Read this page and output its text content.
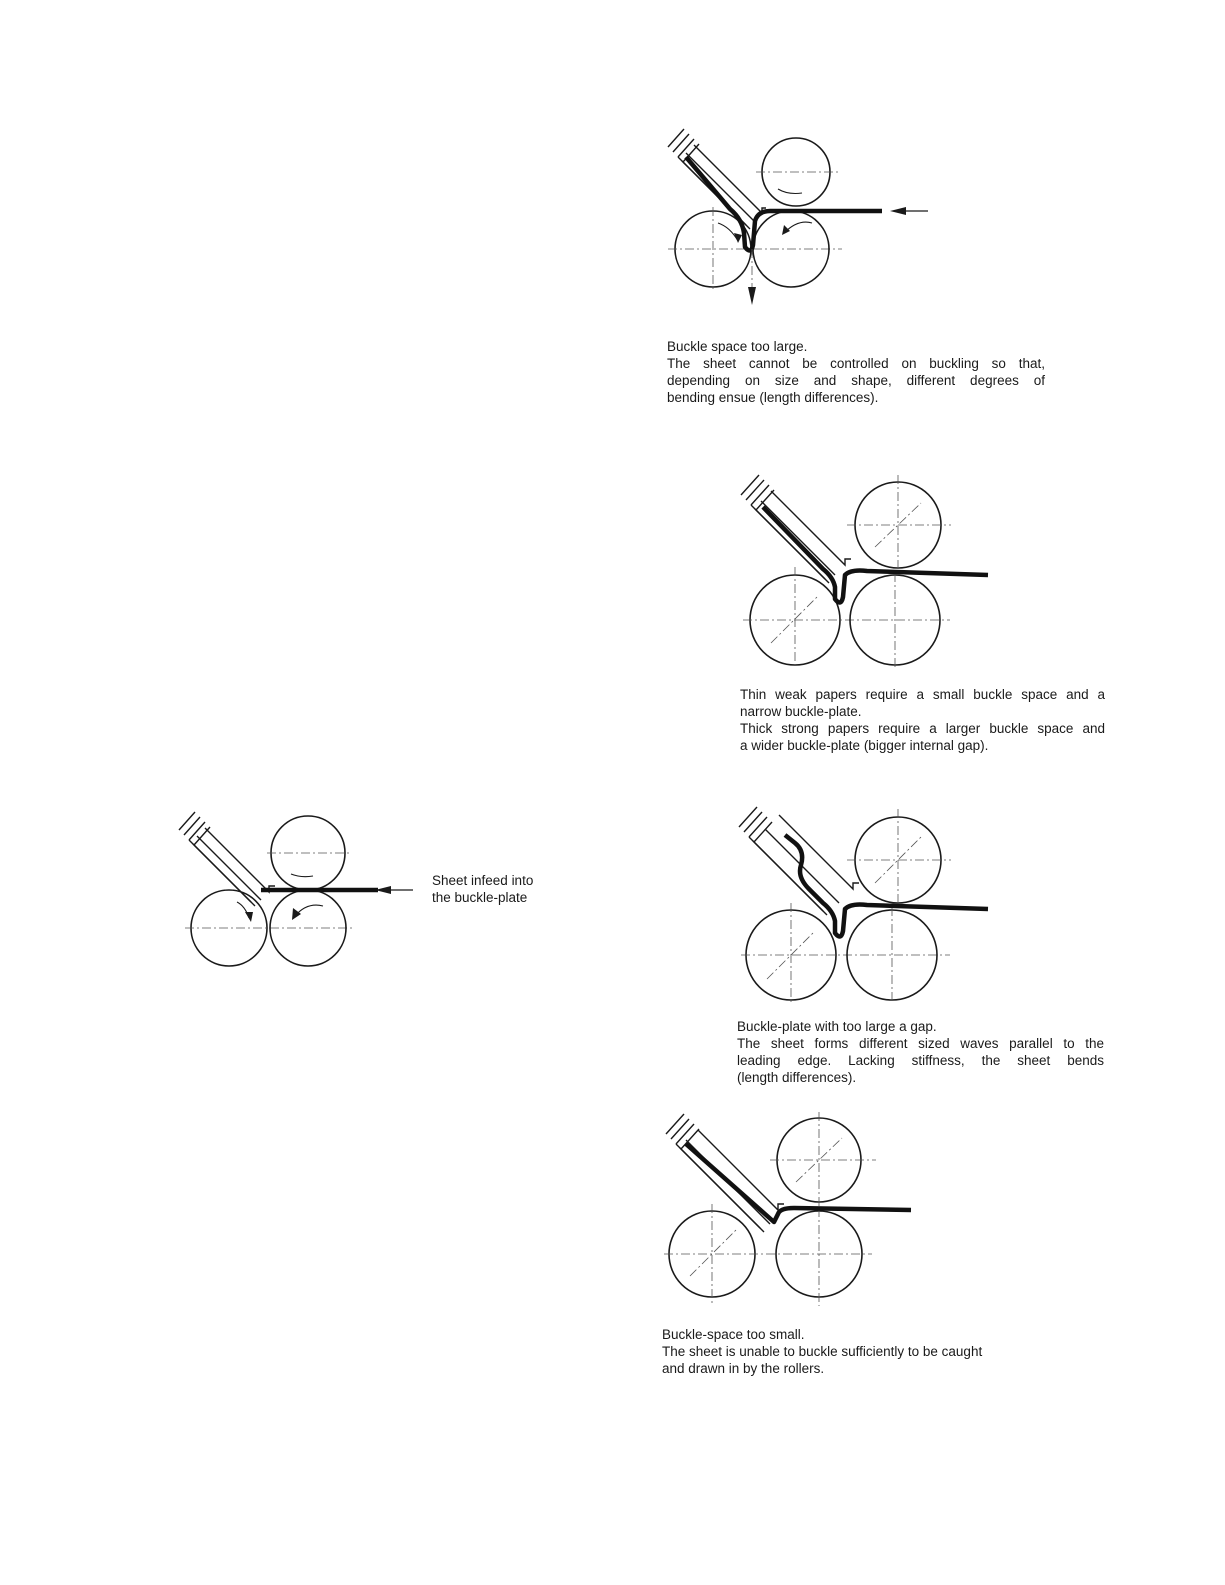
Buckle space too large.
The sheet cannot be controlled on buckling so that,
depending on size and shape, different degrees of
bending ensue (length differences).
Thin weak papers require a small buckle space and a
narrow buckle-plate.
Thick strong papers require a larger buckle space and
a wider buckle-plate (bigger internal gap).
Sheet infeed into
the buckle-plate
Buckle-plate with too large a gap.
The sheet forms different sized waves parallel to the
leading edge. Lacking stiffness, the sheet bends
(length differences).
Buckle-space too small.
The sheet is unable to buckle sufficiently to be caught
and drawn in by the rollers.
